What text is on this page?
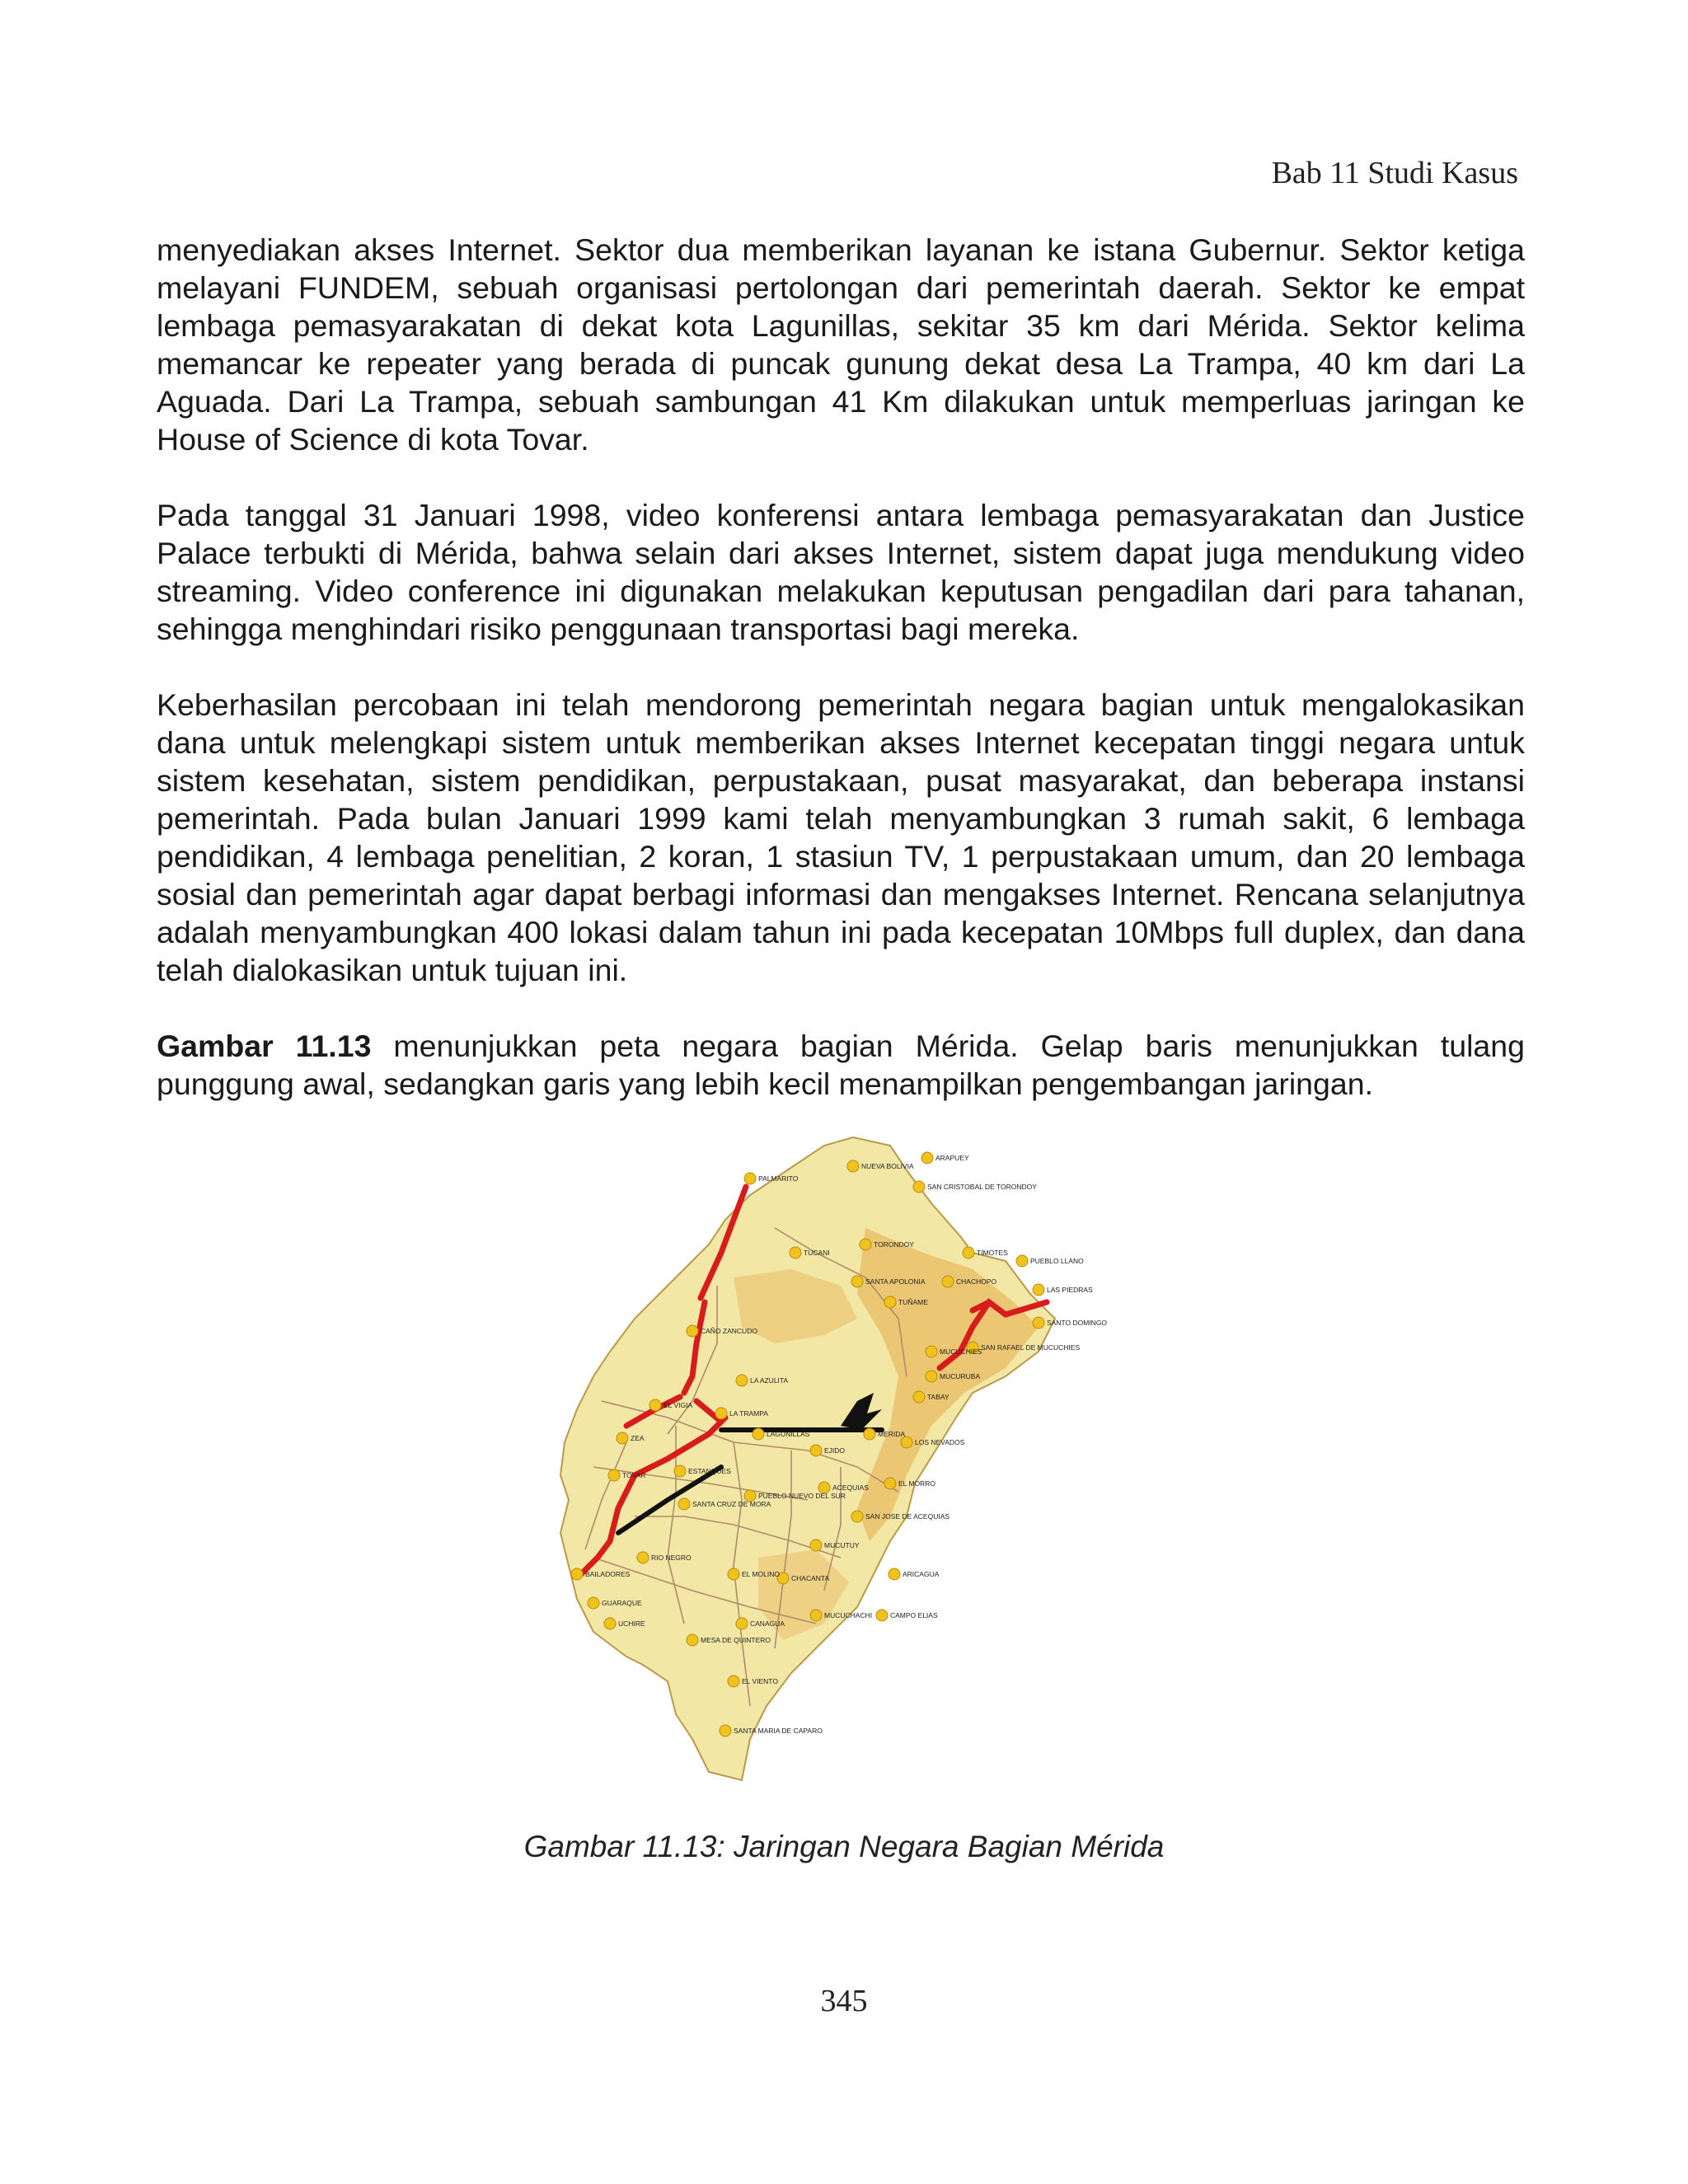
Bab 11 Studi Kasus

menyediakan akses Internet. Sektor dua memberikan layanan ke istana Gubernur. Sektor ketiga melayani FUNDEM, sebuah organisasi pertolongan dari pemerintah daerah. Sektor ke empat lembaga pemasyarakatan di dekat kota Lagunillas, sekitar 35 km dari Mérida. Sektor kelima memancar ke repeater yang berada di puncak gunung dekat desa La Trampa, 40 km dari La Aguada. Dari La Trampa, sebuah sambungan 41 Km dilakukan untuk memperluas jaringan ke House of Science di kota Tovar.

Pada tanggal 31 Januari 1998, video konferensi antara lembaga pemasyarakatan dan Justice Palace terbukti di Mérida, bahwa selain dari akses Internet, sistem dapat juga mendukung video streaming. Video conference ini digunakan melakukan keputusan pengadilan dari para tahanan, sehingga menghindari risiko penggunaan transportasi bagi mereka.

Keberhasilan percobaan ini telah mendorong pemerintah negara bagian untuk mengalokasikan dana untuk melengkapi sistem untuk memberikan akses Internet kecepatan tinggi negara untuk sistem kesehatan, sistem pendidikan, perpustakaan, pusat masyarakat, dan beberapa instansi pemerintah. Pada bulan Januari 1999 kami telah menyambungkan 3 rumah sakit, 6 lembaga pendidikan, 4 lembaga penelitian, 2 koran, 1 stasiun TV, 1 perpustakaan umum, dan 20 lembaga sosial dan pemerintah agar dapat berbagi informasi dan mengakses Internet. Rencana selanjutnya adalah menyambungkan 400 lokasi dalam tahun ini pada kecepatan 10Mbps full duplex, dan dana telah dialokasikan untuk tujuan ini.

Gambar 11.13 menunjukkan peta negara bagian Mérida. Gelap baris menunjukkan tulang punggung awal, sedangkan garis yang lebih kecil menampilkan pengembangan jaringan.

PALMARITO
NUEVA BOLIVIA
ARAPUEY
SAN CRISTOBAL DE TORONDOY
TORONDOY
TIMOTES
PUEBLO LLANO
LAS PIEDRAS
SANTO DOMINGO
CHACHOPO
TUCANI
SANTA APOLONIA
CAÑO ZANCUDO
LA AZULITA
EL VIGIA
LA TRAMPA
MERIDA
MUCUCHIES
SAN RAFAEL DE MUCUCHIES
TABAY
EJIDO
LOS NEVADOS
EL MORRO
ACEQUIAS
SAN JOSE DE ACEQUIAS
TOVAR
SANTA CRUZ DE MORA
BAILADORES
RIO NEGRO
GUARAQUE
EL MOLINO CHACANTA	ARICAGUA
MUCUTUY
CANAGUA
MUCUCHACHI	CAMPO ELIAS
MESA DE QUINTERO
EL VIENTO
SANTA MARIA DE CAPARO
ZEA	LAGUNILLAS
ESTANQUES
PUEBLO NUEVO DEL SUR
MUCURUBA
UCHIRE
TUÑAME
Gambar 11.13: Jaringan Negara Bagian Mérida
345
